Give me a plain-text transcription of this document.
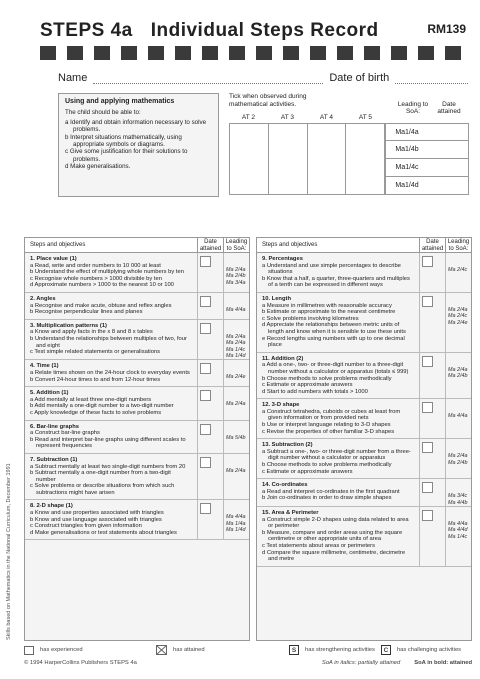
STEPS 4a Individual Steps Record	RM139
Name	Date of birth
Using and applying mathematics
The child should be able to:
a Identify and obtain information necessary to solve problems.
b Interpret situations mathematically, using appropriate symbols or diagrams.
c Give some justification for their solutions to problems.
d Make generalisations.
Tick when observed during mathematical activities.
AT 2	AT 3	AT 4	AT 5
Leading to SoA:
Date attained
Ma1/4a
Ma1/4b
Ma1/4c
Ma1/4d
Steps and objectives	Date attained
Leading to SoA:
1. Place value (1)
a Read, write and order numbers to 10 000 at least
b Understand the effect of multiplying whole numbers by ten
c Recognise whole numbers > 1000 divisible by ten
d Approximate numbers > 1000 to the nearest 10 or 100
Ma 2/4a
Ma 2/4b
Ma 3/4a
2. Angles
a Recognise and make acute, obtuse and reflex angles
b Recognise perpendicular lines and planes	Ma 4/4a
3. Multiplication patterns (1)
a Know and apply facts in the x 8 and 8 x tables
b Understand the relationships between multiples of two, four and eight
c Test simple related statements or generalisations
Ma 2/4a
Ma 2/4a
Ma 1/4c
Ma 1/4d
4. Time (1)
a Relate times shown on the 24-hour clock to everyday events
b Convert 24-hour times to and from 12-hour times	Ma 2/4e
5. Addition (1)
a Add mentally at least three one-digit numbers
b Add mentally a one-digit number to a two-digit number
c Apply knowledge of these facts to solve problems
Ma 2/4a
6. Bar-line graphs
a Construct bar-line graphs
b Read and interpret bar-line graphs using different scales to represent frequencies
Ma 5/4b
7. Subtraction (1)
a Subtract mentally at least two single-digit numbers from 20
b Subtract mentally a one-digit number from a two-digit number
c Solve problems or describe situations from which such subtractions might have arisen
Ma 2/4a
8. 2-D shape (1)
a Know and use properties associated with triangles
b Know and use language associated with triangles
c Construct triangles from given information
d Make generalisations or test statements about triangles
Ma 4/4a
Ma 1/4a
Ma 1/4d
Steps and objectives	Date attained
Leading to SoA:
9. Percentages
a Understand and use simple percentages to describe situations
b Know that a half, a quarter, three-quarters and multiples of a tenth can be expressed in different ways
Ma 2/4c
10. Length
a Measure in millimetres with reasonable accuracy
b Estimate or approximate to the nearest centimetre
c Solve problems involving kilometres
d Appreciate the relationships between metric units of length and know when it is sensible to use these units
e Record lengths using numbers with up to one decimal place
Ma 2/4a
Ma 2/4c
Ma 2/4e
11. Addition (2)
a Add a one-, two- or three-digit number to a three-digit number without a calculator or apparatus (totals ≤ 999)
b Choose methods to solve problems methodically
c Estimate or approximate answers
d Start to add numbers with totals > 1000
Ma 2/4a
Ma 2/4b
12. 3-D shape
a Construct tetrahedra, cuboids or cubes at least from given information or from provided nets
b Use or interpret language relating to 3-D shapes
c Revise the properties of other familiar 3-D shapes
Ma 4/4a
13. Subtraction (2)
a Subtract a one-, two- or three-digit number from a three-digit number without a calculator or apparatus
b Choose methods to solve problems methodically
c Estimate or approximate answers
Ma 2/4a
Ma 2/4b
14. Co-ordinates
a Read and interpret co-ordinates in the first quadrant
b Join co-ordinates in order to draw simple shapes	Ma 3/4c
Ma 4/4b
15. Area & Perimeter
a Construct simple 2-D shapes using data related to area or perimeter
b Measure, compare and order areas using the square centimetre or other appropriate units of area
c Test statements about areas or perimeters
d Compare the square millimetre, centimetre, decimetre and metre
Ma 4/4a
Ma 4/4d
Ma 1/4c
Skills based on Mathematics in the National Curriculum, December 1991
has experienced	has attained	S	has strengthening activities	C	has challenging activities
© 1994 HarperCollins Publishers STEPS 4a	SoA in italics: partially attained	SoA in bold: attained
